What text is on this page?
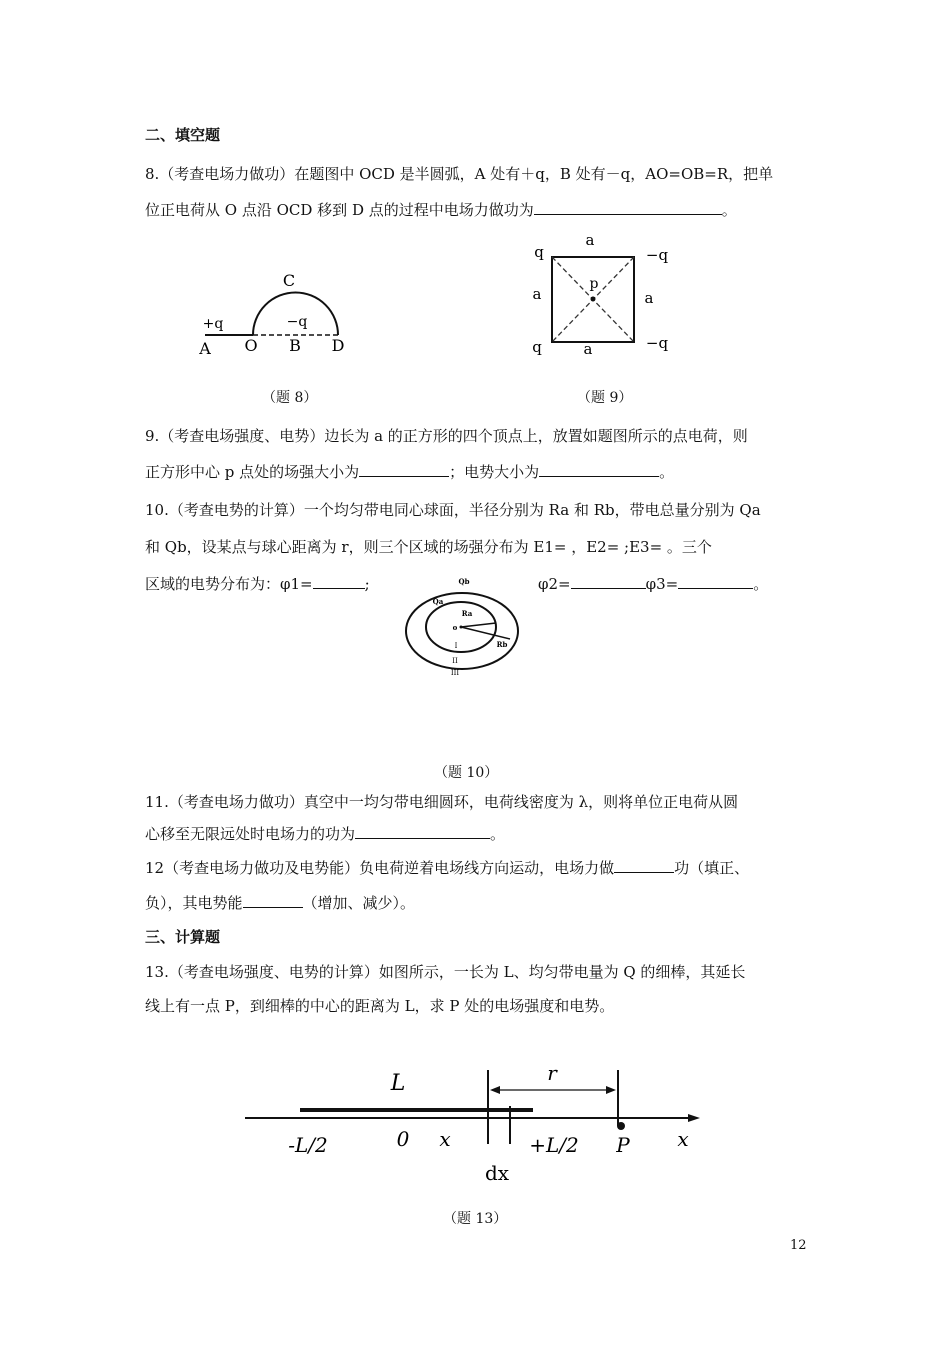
二、填空题
8.（考查电场力做功）在题图中 OCD 是半圆弧，A 处有＋q，B 处有－q，AO=OB=R，把单
位正电荷从 O 点沿 OCD 移到 D 点的过程中电场力做功为	。
C
+q	−q
A O B D
q	−q
q	−q
a
a	a
a
p
（题 8）	（题 9）
9.（考查电场强度、电势）边长为 a 的正方形的四个顶点上，放置如题图所示的点电荷，则
正方形中心 p 点处的场强大小为	；电势大小为	。
10.（考查电势的计算）一个均匀带电同心球面，半径分别为 Ra 和 Rb，带电总量分别为 Qa
和 Qb，设某点与球心距离为 r，则三个区域的场强分布为 E1= ，E2= ;E3= 。三个
区域的电势分布为：φ1=	;	φ2=	φ3=	。
Qb
Qa
Ra
Rb
o
I
II
III
（题 10）
11.（考查电场力做功）真空中一均匀带电细圆环，电荷线密度为 λ，则将单位正电荷从圆
心移至无限远处时电场力的功为	。
12（考查电场力做功及电势能）负电荷逆着电场线方向运动，电场力做	功（填正、
负），其电势能	（增加、减少）。
三、计算题
13.（考查电场强度、电势的计算）如图所示，一长为 L、均匀带电量为 Q 的细棒，其延长
线上有一点 P，到细棒的中心的距离为 L，求 P 处的电场强度和电势。
L	r
-L/2	0 x	+L/2 P x
dx
（题 13）
12
